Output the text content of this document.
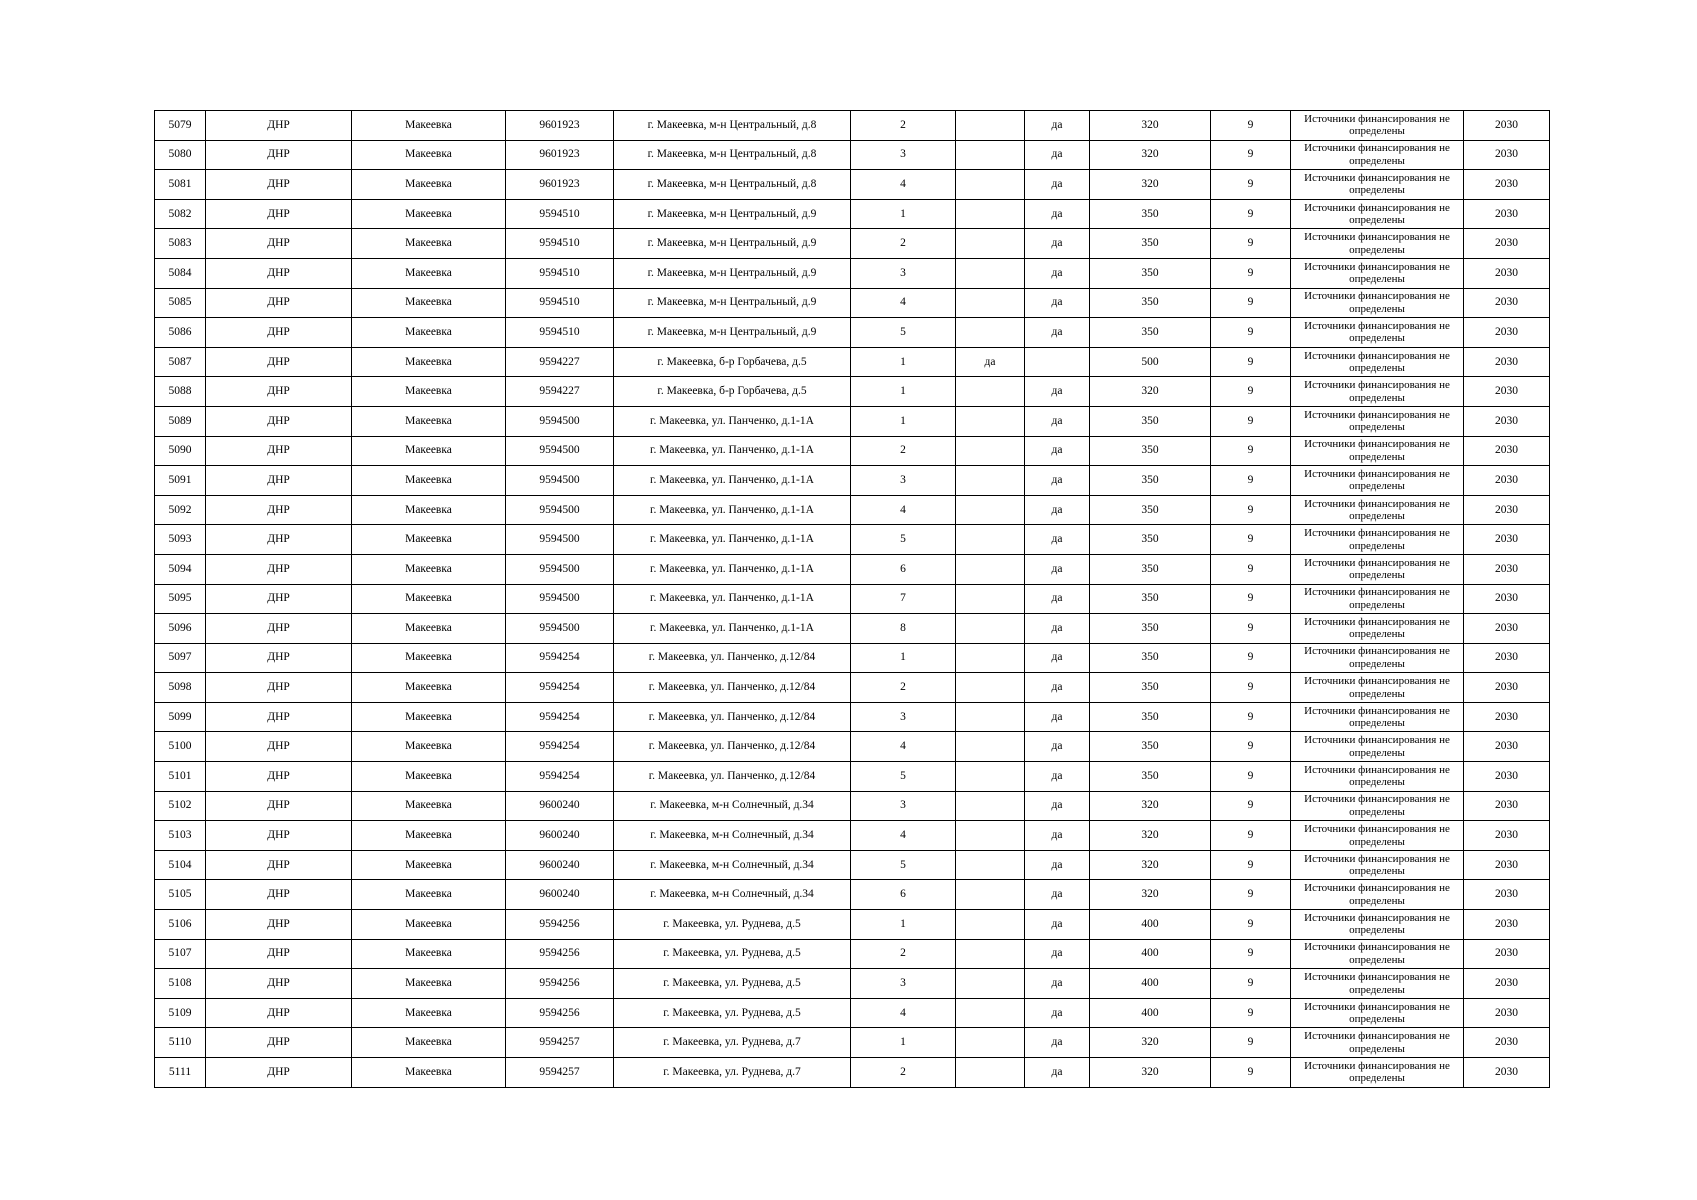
5079	ДНР	Макеевка	9601923	г. Макеевка, м-н Центральный, д.8	2		да	320	9	Источники финансирования не определены	2030
5080	ДНР	Макеевка	9601923	г. Макеевка, м-н Центральный, д.8	3		да	320	9	Источники финансирования не определены	2030
5081	ДНР	Макеевка	9601923	г. Макеевка, м-н Центральный, д.8	4		да	320	9	Источники финансирования не определены	2030
5082	ДНР	Макеевка	9594510	г. Макеевка, м-н Центральный, д.9	1		да	350	9	Источники финансирования не определены	2030
5083	ДНР	Макеевка	9594510	г. Макеевка, м-н Центральный, д.9	2		да	350	9	Источники финансирования не определены	2030
5084	ДНР	Макеевка	9594510	г. Макеевка, м-н Центральный, д.9	3		да	350	9	Источники финансирования не определены	2030
5085	ДНР	Макеевка	9594510	г. Макеевка, м-н Центральный, д.9	4		да	350	9	Источники финансирования не определены	2030
5086	ДНР	Макеевка	9594510	г. Макеевка, м-н Центральный, д.9	5		да	350	9	Источники финансирования не определены	2030
5087	ДНР	Макеевка	9594227	г. Макеевка, б-р Горбачева, д.5	1	да		500	9	Источники финансирования не определены	2030
5088	ДНР	Макеевка	9594227	г. Макеевка, б-р Горбачева, д.5	1		да	320	9	Источники финансирования не определены	2030
5089	ДНР	Макеевка	9594500	г. Макеевка, ул. Панченко, д.1-1А	1		да	350	9	Источники финансирования не определены	2030
5090	ДНР	Макеевка	9594500	г. Макеевка, ул. Панченко, д.1-1А	2		да	350	9	Источники финансирования не определены	2030
5091	ДНР	Макеевка	9594500	г. Макеевка, ул. Панченко, д.1-1А	3		да	350	9	Источники финансирования не определены	2030
5092	ДНР	Макеевка	9594500	г. Макеевка, ул. Панченко, д.1-1А	4		да	350	9	Источники финансирования не определены	2030
5093	ДНР	Макеевка	9594500	г. Макеевка, ул. Панченко, д.1-1А	5		да	350	9	Источники финансирования не определены	2030
5094	ДНР	Макеевка	9594500	г. Макеевка, ул. Панченко, д.1-1А	6		да	350	9	Источники финансирования не определены	2030
5095	ДНР	Макеевка	9594500	г. Макеевка, ул. Панченко, д.1-1А	7		да	350	9	Источники финансирования не определены	2030
5096	ДНР	Макеевка	9594500	г. Макеевка, ул. Панченко, д.1-1А	8		да	350	9	Источники финансирования не определены	2030
5097	ДНР	Макеевка	9594254	г. Макеевка, ул. Панченко, д.12/84	1		да	350	9	Источники финансирования не определены	2030
5098	ДНР	Макеевка	9594254	г. Макеевка, ул. Панченко, д.12/84	2		да	350	9	Источники финансирования не определены	2030
5099	ДНР	Макеевка	9594254	г. Макеевка, ул. Панченко, д.12/84	3		да	350	9	Источники финансирования не определены	2030
5100	ДНР	Макеевка	9594254	г. Макеевка, ул. Панченко, д.12/84	4		да	350	9	Источники финансирования не определены	2030
5101	ДНР	Макеевка	9594254	г. Макеевка, ул. Панченко, д.12/84	5		да	350	9	Источники финансирования не определены	2030
5102	ДНР	Макеевка	9600240	г. Макеевка, м-н Солнечный, д.34	3		да	320	9	Источники финансирования не определены	2030
5103	ДНР	Макеевка	9600240	г. Макеевка, м-н Солнечный, д.34	4		да	320	9	Источники финансирования не определены	2030
5104	ДНР	Макеевка	9600240	г. Макеевка, м-н Солнечный, д.34	5		да	320	9	Источники финансирования не определены	2030
5105	ДНР	Макеевка	9600240	г. Макеевка, м-н Солнечный, д.34	6		да	320	9	Источники финансирования не определены	2030
5106	ДНР	Макеевка	9594256	г. Макеевка, ул. Руднева, д.5	1		да	400	9	Источники финансирования не определены	2030
5107	ДНР	Макеевка	9594256	г. Макеевка, ул. Руднева, д.5	2		да	400	9	Источники финансирования не определены	2030
5108	ДНР	Макеевка	9594256	г. Макеевка, ул. Руднева, д.5	3		да	400	9	Источники финансирования не определены	2030
5109	ДНР	Макеевка	9594256	г. Макеевка, ул. Руднева, д.5	4		да	400	9	Источники финансирования не определены	2030
5110	ДНР	Макеевка	9594257	г. Макеевка, ул. Руднева, д.7	1		да	320	9	Источники финансирования не определены	2030
5111	ДНР	Макеевка	9594257	г. Макеевка, ул. Руднева, д.7	2		да	320	9	Источники финансирования не определены	2030
